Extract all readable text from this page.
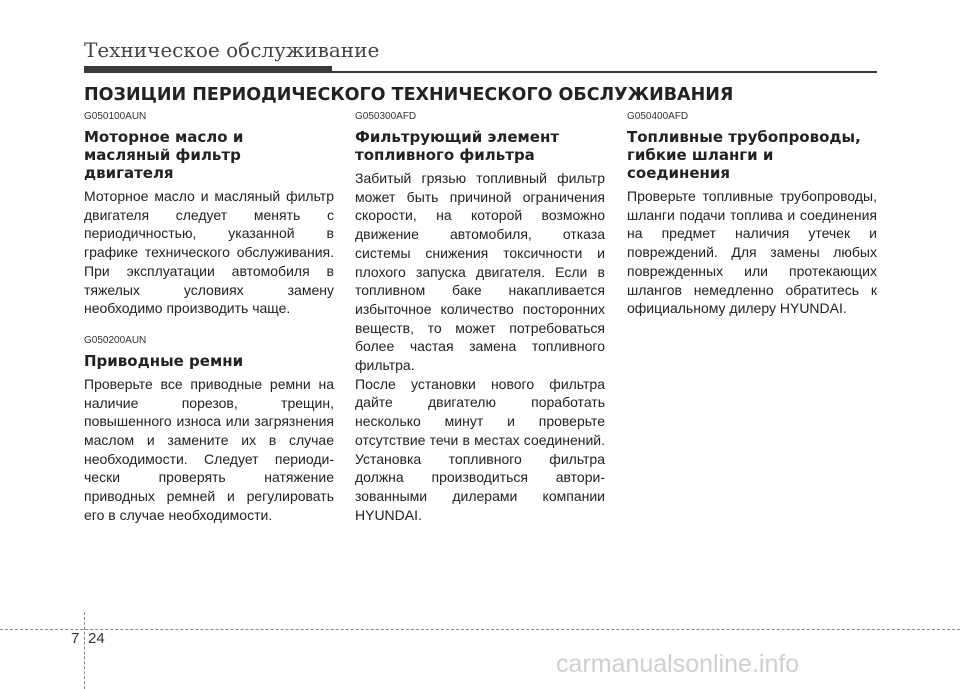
Техническое обслуживание
ПОЗИЦИИ ПЕРИОДИЧЕСКОГО ТЕХНИЧЕСКОГО ОБСЛУЖИВАНИЯ
G050100AUN
Моторное масло и масляный фильтр двигателя

Моторное масло и масляный фильтр двигателя следует менять с периодичностью, указанной в графике технического обслуживания. При эксплуатации автомобиля в тяжелых условиях замену необходимо производить чаще.

G050200AUN
Приводные ремни

Проверьте все приводные ремни на наличие порезов, трещин, повышенного износа или загрязнения маслом и замените их в случае необходимости. Следует периоди-чески проверять натяжение приводных ремней и регулировать его в случае необходимости.

G050300AFD
Фильтрующий элемент топливного фильтра

Забитый грязью топливный фильтр может быть причиной ограничения скорости, на которой возможно движение автомобиля, отказа системы снижения токсичности и плохого запуска двигателя. Если в топливном баке накапливается избыточное количество посторонних веществ, то может потребоваться более частая замена топливного фильтра.

После установки нового фильтра дайте двигателю поработать несколько минут и проверьте отсутствие течи в местах соединений. Установка топливного фильтра должна производиться автори-зованными дилерами компании HYUNDAI.

G050400AFD
Топливные трубопроводы, гибкие шланги и соединения

Проверьте топливные трубопроводы, шланги подачи топлива и соединения на предмет наличия утечек и повреждений. Для замены любых поврежденных или протекающих шлангов немедленно обратитесь к официальному дилеру HYUNDAI.

7 24
carmanualsonline.info
